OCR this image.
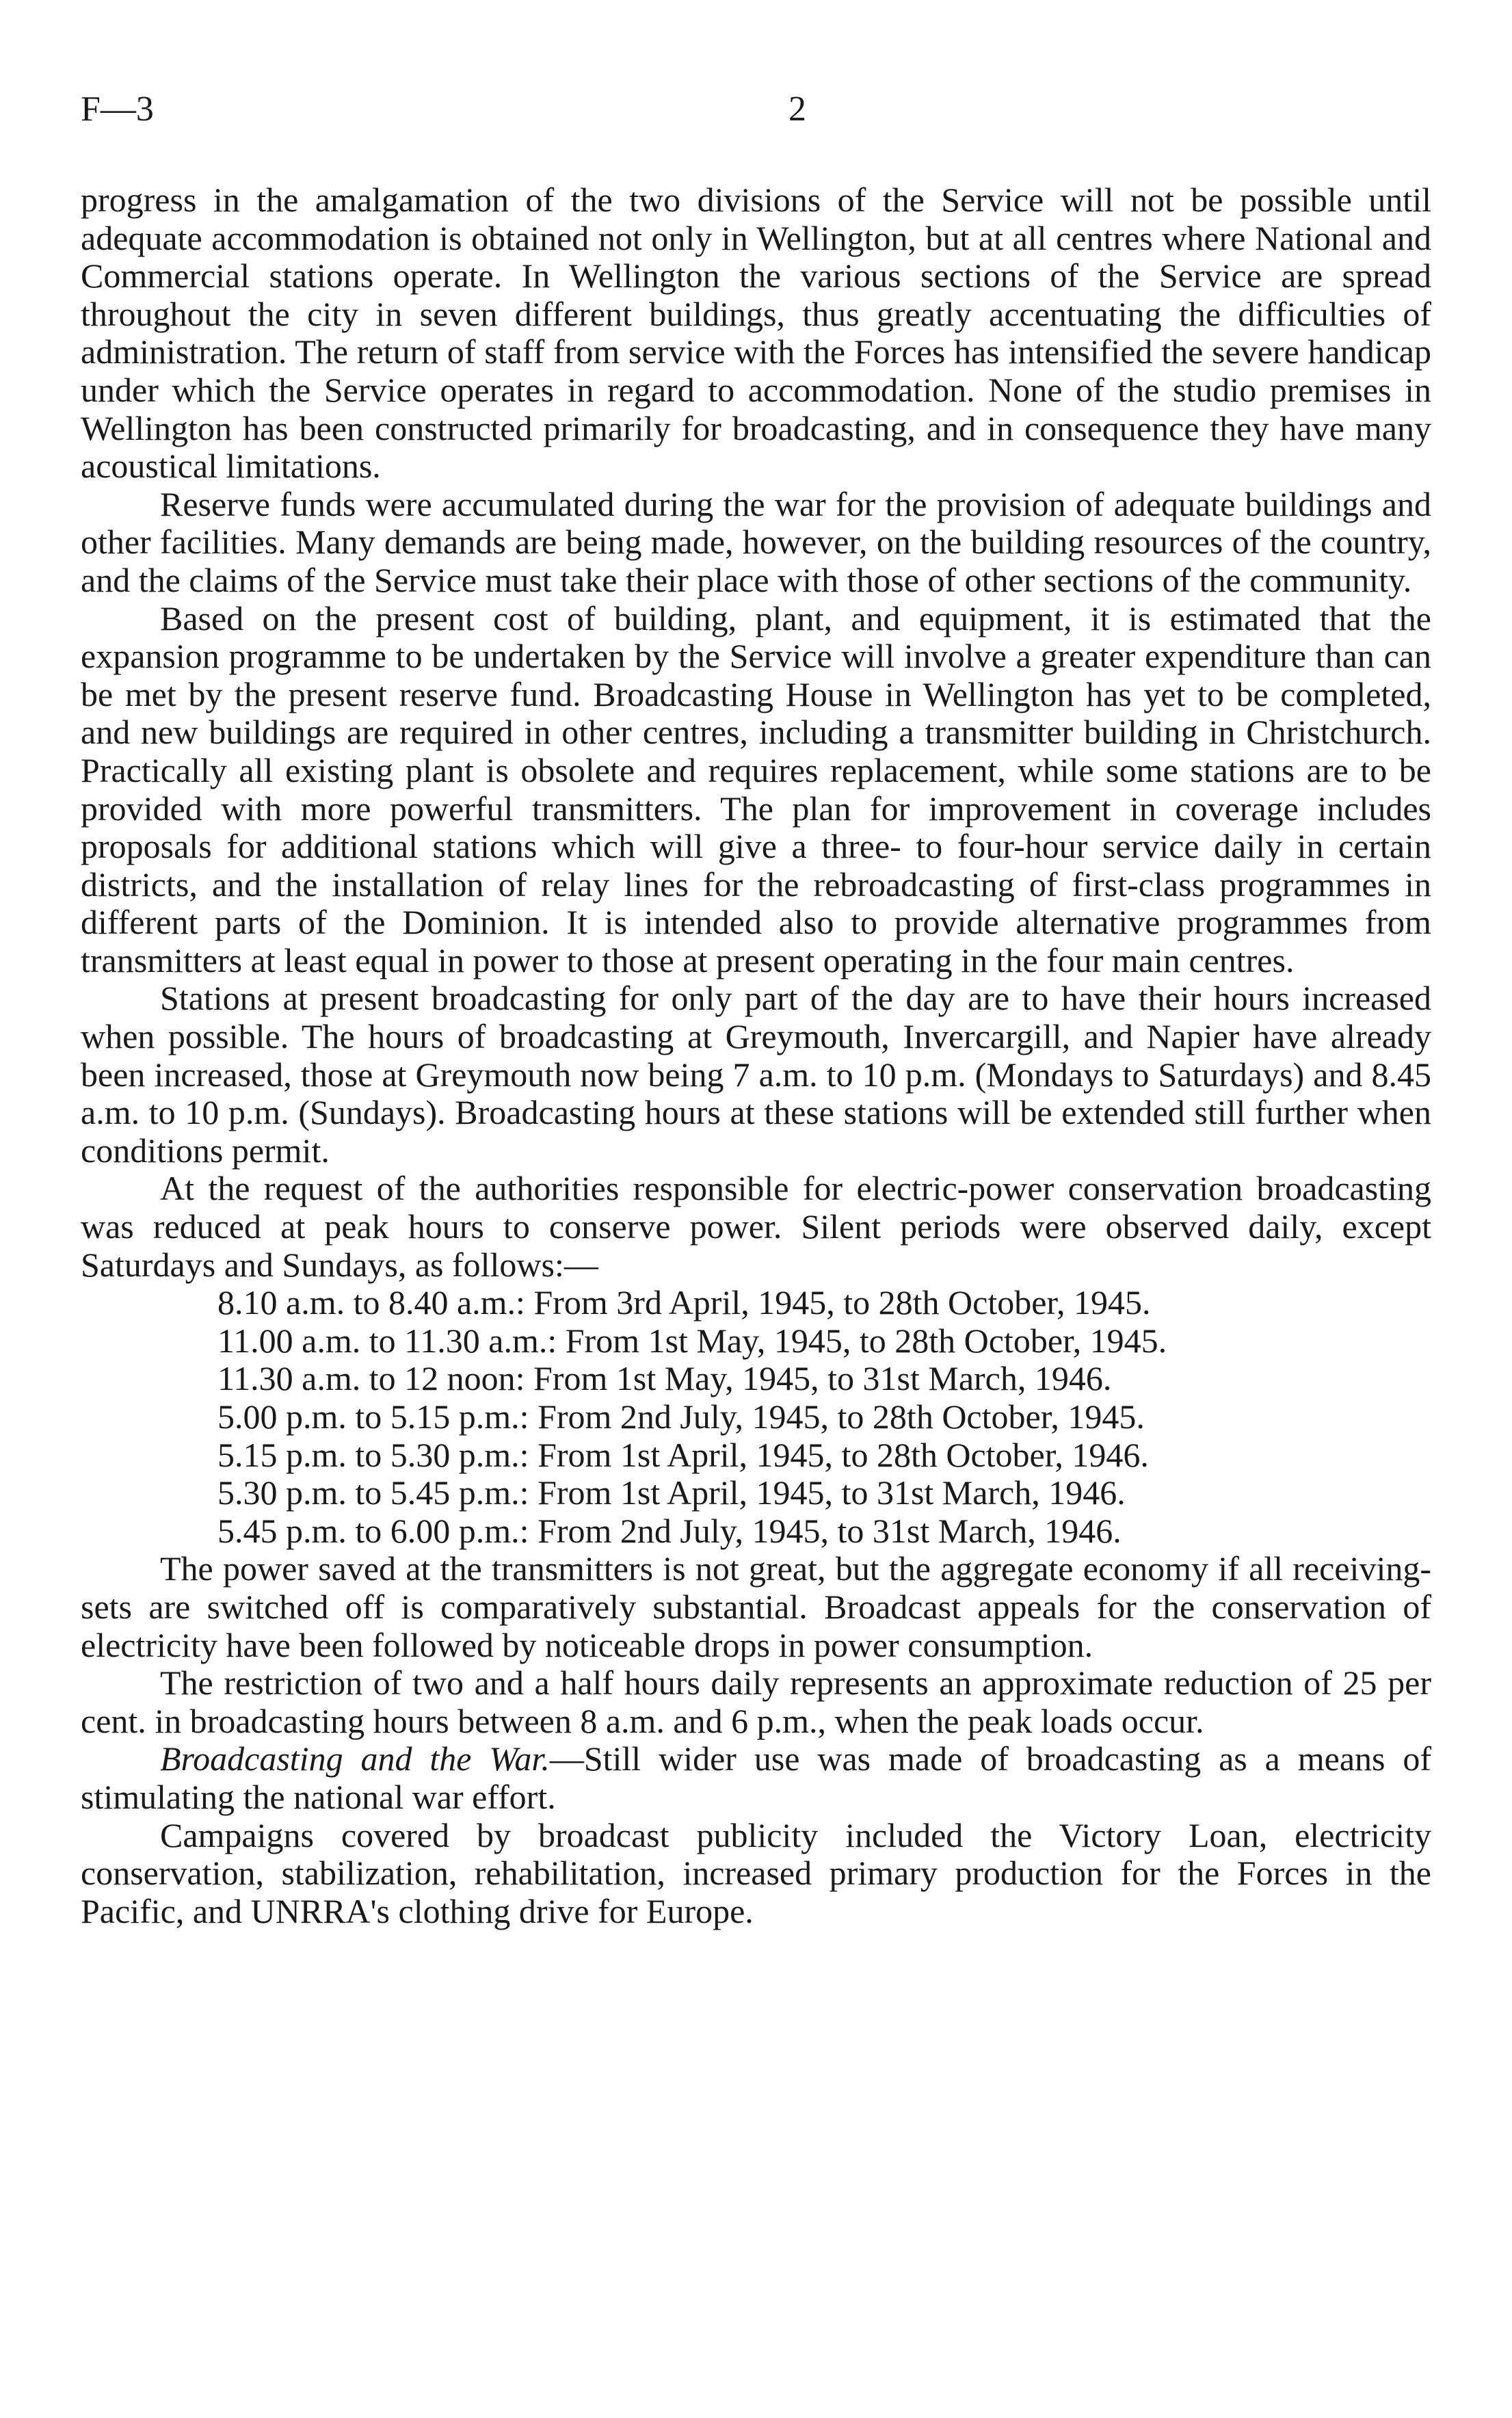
F—3	2

progress in the amalgamation of the two divisions of the Service will not be possible until adequate accommodation is obtained not only in Wellington, but at all centres where National and Commercial stations operate. In Wellington the various sections of the Service are spread throughout the city in seven different buildings, thus greatly accentuating the difficulties of administration. The return of staff from service with the Forces has intensified the severe handicap under which the Service operates in regard to accommodation. None of the studio premises in Wellington has been constructed primarily for broadcasting, and in consequence they have many acoustical limitations.

Reserve funds were accumulated during the war for the provision of adequate buildings and other facilities. Many demands are being made, however, on the building resources of the country, and the claims of the Service must take their place with those of other sections of the community.

Based on the present cost of building, plant, and equipment, it is estimated that the expansion programme to be undertaken by the Service will involve a greater expenditure than can be met by the present reserve fund. Broadcasting House in Wellington has yet to be completed, and new buildings are required in other centres, including a transmitter building in Christchurch. Practically all existing plant is obsolete and requires replacement, while some stations are to be provided with more powerful transmitters. The plan for improvement in coverage includes proposals for additional stations which will give a three- to four-hour service daily in certain districts, and the installation of relay lines for the rebroadcasting of first-class programmes in different parts of the Dominion. It is intended also to provide alternative programmes from transmitters at least equal in power to those at present operating in the four main centres.

Stations at present broadcasting for only part of the day are to have their hours increased when possible. The hours of broadcasting at Greymouth, Invercargill, and Napier have already been increased, those at Greymouth now being 7 a.m. to 10 p.m. (Mondays to Saturdays) and 8.45 a.m. to 10 p.m. (Sundays). Broadcasting hours at these stations will be extended still further when conditions permit.

At the request of the authorities responsible for electric-power conservation broadcasting was reduced at peak hours to conserve power. Silent periods were observed daily, except Saturdays and Sundays, as follows:—

8.10 a.m. to 8.40 a.m.: From 3rd April, 1945, to 28th October, 1945.
11.00 a.m. to 11.30 a.m.: From 1st May, 1945, to 28th October, 1945.
11.30 a.m. to 12 noon: From 1st May, 1945, to 31st March, 1946.
5.00 p.m. to 5.15 p.m.: From 2nd July, 1945, to 28th October, 1945.
5.15 p.m. to 5.30 p.m.: From 1st April, 1945, to 28th October, 1946.
5.30 p.m. to 5.45 p.m.: From 1st April, 1945, to 31st March, 1946.
5.45 p.m. to 6.00 p.m.: From 2nd July, 1945, to 31st March, 1946.

The power saved at the transmitters is not great, but the aggregate economy if all receiving-sets are switched off is comparatively substantial. Broadcast appeals for the conservation of electricity have been followed by noticeable drops in power consumption.

The restriction of two and a half hours daily represents an approximate reduction of 25 per cent. in broadcasting hours between 8 a.m. and 6 p.m., when the peak loads occur.

Broadcasting and the War.—Still wider use was made of broadcasting as a means of stimulating the national war effort.

Campaigns covered by broadcast publicity included the Victory Loan, electricity conservation, stabilization, rehabilitation, increased primary production for the Forces in the Pacific, and UNRRA's clothing drive for Europe.
